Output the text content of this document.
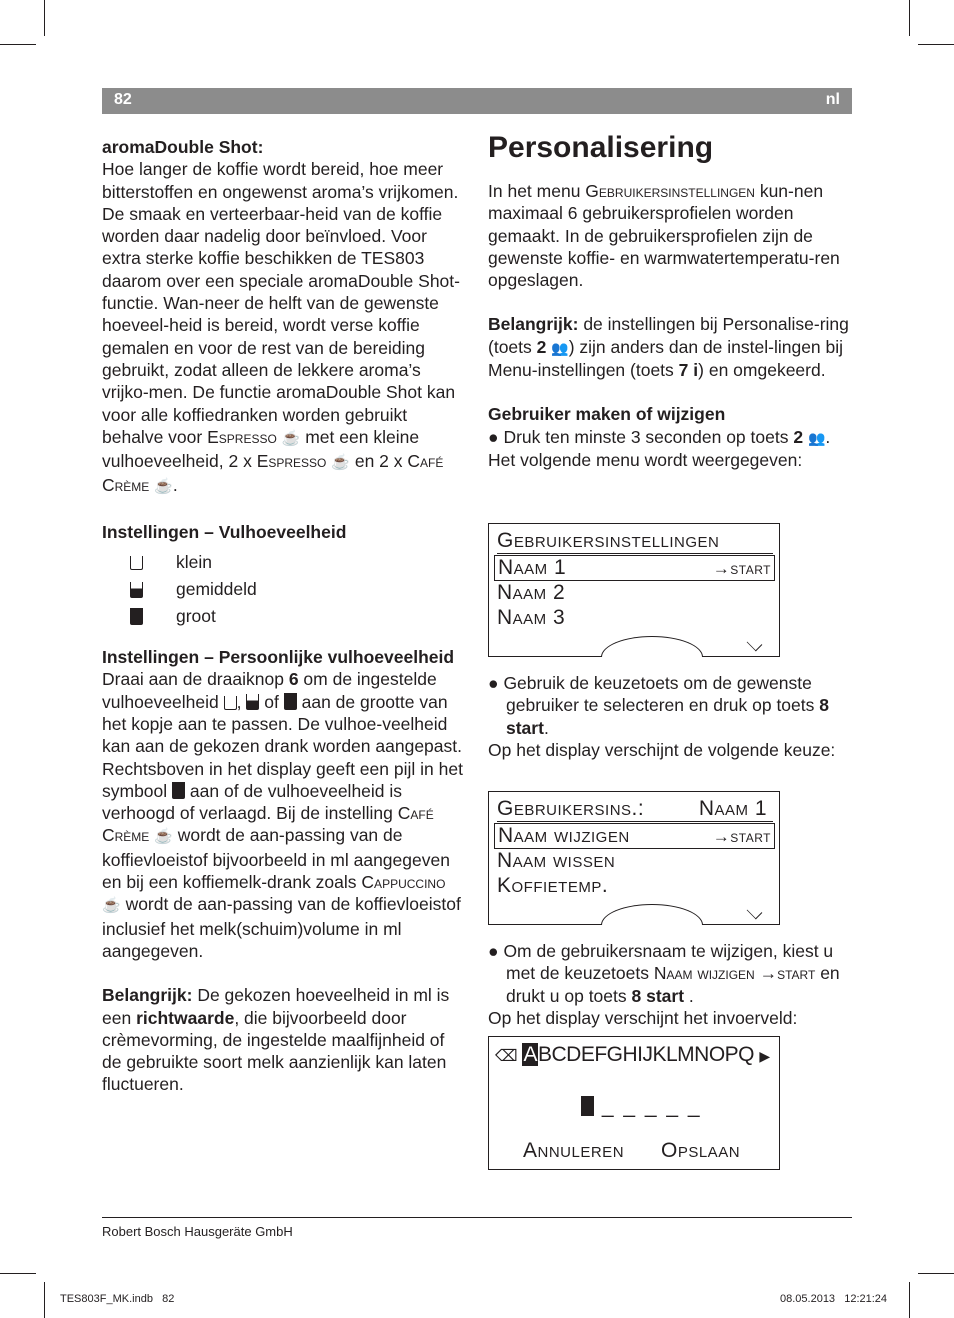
82	nl

aromaDouble Shot:

Hoe langer de koffie wordt bereid, hoe meer bitterstoffen en ongewenst aroma’s vrijkomen. De smaak en verteerbaar-heid van de koffie worden daar nadelig door beïnvloed. Voor extra sterke koffie beschikken de TES803 daarom over een speciale aromaDouble Shot-functie. Wan-neer de helft van de gewenste hoeveel-heid is bereid, wordt verse koffie gemalen en voor de rest van de bereiding gebruikt, zodat alleen de lekkere aroma’s vrijko-men. De functie aromaDouble Shot kan voor alle koffiedranken worden gebruikt behalve voor Espresso ☕ met een kleine vulhoeveelheid, 2 x Espresso ☕ en 2 x Café Crème ☕.

Instellingen – Vulhoeveelheid

klein
gemiddeld
groot

Instellingen – Persoonlijke vulhoeveelheid

Draai aan de draaiknop 6 om de ingestelde vulhoeveelheid , of aan de grootte van het kopje aan te passen. De vulhoe-veelheid kan aan de gekozen drank worden aangepast. Rechtsboven in het display geeft een pijl in het symbool aan of de vulhoeveelheid is verhoogd of verlaagd. Bij de instelling Café Crème ☕ wordt de aan-passing van de koffievloeistof bijvoorbeeld in ml aangegeven en bij een koffiemelk-drank zoals Cappuccino ☕ wordt de aan-passing van de koffievloeistof inclusief het melk(schuim)volume in ml aangegeven.

Belangrijk: De gekozen hoeveelheid in ml is een richtwaarde, die bijvoorbeeld door crèmevorming, de ingestelde maalfijnheid of de gebruikte soort melk aanzienlijk kan laten fluctueren.

Personalisering

In het menu Gebruikersinstellingen kun-nen maximaal 6 gebruikersprofielen worden gemaakt. In de gebruikersprofielen zijn de gewenste koffie- en warmwatertemperatu-ren opgeslagen.

Belangrijk: de instellingen bij Personalise-ring (toets 2 👥) zijn anders dan de instel-lingen bij Menu-instellingen (toets 7 i) en omgekeerd.

Gebruiker maken of wijzigen

● Druk ten minste 3 seconden op toets 2 👥.

Het volgende menu wordt weergegeven:

Gebruikersinstellingen
Naam 1	→start
Naam 2
Naam 3

● Gebruik de keuzetoets om de gewenste gebruiker te selecteren en druk op toets 8 start.

Op het display verschijnt de volgende keuze:

Gebruikersins.:	Naam 1
Naam wijzigen	→start
Naam wissen
Koffietemp.

● Om de gebruikersnaam te wijzigen, kiest u met de keuzetoets Naam wijzigen →start en drukt u op toets 8 start .

Op het display verschijnt het invoerveld:

⌫ ABCDEFGHIJKLMNOPQ ▶
_ _ _ _ _
Annuleren	Opslaan
Robert Bosch Hausgeräte GmbH
TES803F_MK.indb   82	08.05.2013   12:21:24
